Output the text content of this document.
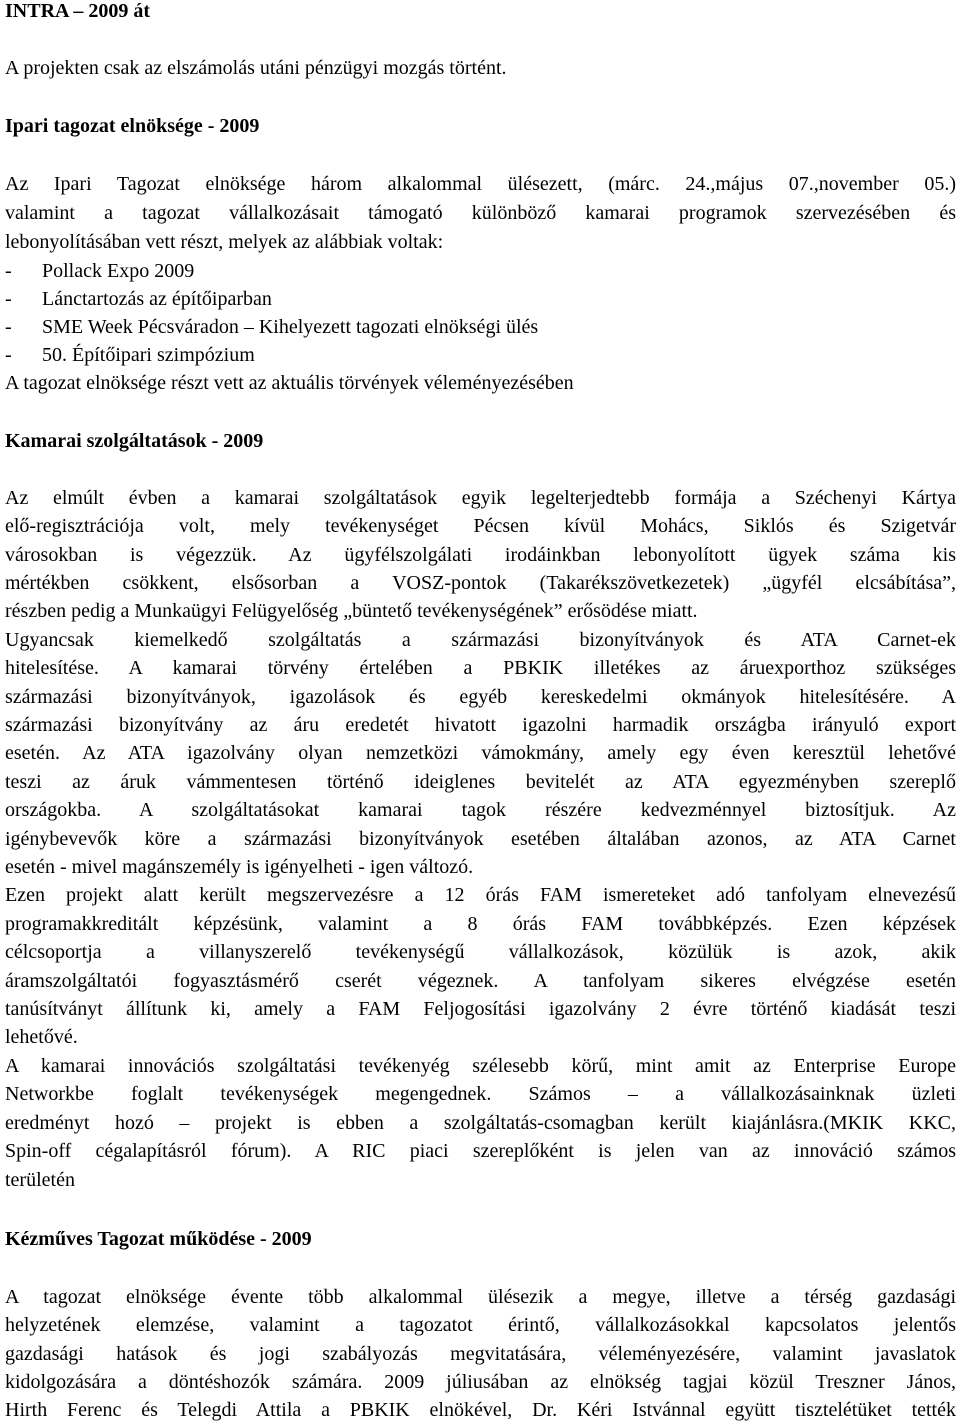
INTRA – 2009 át
A projekten csak az elszámolás utáni pénzügyi mozgás történt.
Ipari tagozat elnöksége - 2009
Az Ipari Tagozat elnöksége három alkalommal ülésezett, (márc. 24.,május 07.,november 05.)
valamint a tagozat vállalkozásait támogató különböző kamarai programok szervezésében és
lebonyolításában vett részt, melyek az alábbiak voltak:
- Pollack Expo 2009
- Lánctartozás az építőiparban
- SME Week Pécsváradon – Kihelyezett tagozati elnökségi ülés
- 50. Építőipari szimpózium
A tagozat elnöksége részt vett az aktuális törvények véleményezésében
Kamarai szolgáltatások - 2009
Az elmúlt évben a kamarai szolgáltatások egyik legelterjedtebb formája a Széchenyi Kártya
elő-regisztrációja volt, mely tevékenységet Pécsen kívül Mohács, Siklós és Szigetvár
városokban is végezzük. Az ügyfélszolgálati irodáinkban lebonyolított ügyek száma kis
mértékben csökkent, elsősorban a VOSZ-pontok (Takarékszövetkezetek) „ügyfél elcsábítása”,
részben pedig a Munkaügyi Felügyelőség „büntető tevékenységének” erősödése miatt.
Ugyancsak kiemelkedő szolgáltatás a származási bizonyítványok és ATA Carnet-ek
hitelesítése. A kamarai törvény értelében a PBKIK illetékes az áruexporthoz szükséges
származási bizonyítványok, igazolások és egyéb kereskedelmi okmányok hitelesítésére. A
származási bizonyítvány az áru eredetét hivatott igazolni harmadik országba irányuló export
esetén. Az ATA igazolvány olyan nemzetközi vámokmány, amely egy éven keresztül lehetővé
teszi az áruk vámmentesen történő ideiglenes bevitelét az ATA egyezményben szereplő
országokba. A szolgáltatásokat kamarai tagok részére kedvezménnyel biztosítjuk. Az
igénybevevők köre a származási bizonyítványok esetében általában azonos, az ATA Carnet
esetén - mivel magánszemély is igényelheti - igen változó.
Ezen projekt alatt került megszervezésre a 12 órás FAM ismereteket adó tanfolyam elnevezésű
programakkreditált képzésünk, valamint a 8 órás FAM továbbképzés. Ezen képzések
célcsoportja a villanyszerelő tevékenységű vállalkozások, közülük is azok, akik
áramszolgáltatói fogyasztásmérő cserét végeznek. A tanfolyam sikeres elvégzése esetén
tanúsítványt állítunk ki, amely a FAM Feljogosítási igazolvány 2 évre történő kiadását teszi
lehetővé.
A kamarai innovációs szolgáltatási tevékenyég szélesebb körű, mint amit az Enterprise Europe
Networkbe foglalt tevékenységek megengednek. Számos – a vállalkozásainknak üzleti
eredményt hozó – projekt is ebben a szolgáltatás-csomagban került kiajánlásra.(MKIK KKC,
Spin-off cégalapításról fórum). A RIC piaci szereplőként is jelen van az innováció számos
területén
Kézműves Tagozat működése - 2009
A tagozat elnöksége évente több alkalommal ülésezik a megye, illetve a térség gazdasági
helyzetének elemzése, valamint a tagozatot érintő, vállalkozásokkal kapcsolatos jelentős
gazdasági hatások és jogi szabályozás megvitatására, véleményezésére, valamint javaslatok
kidolgozására a döntéshozók számára. 2009 júliusában az elnökség tagjai közül Treszner János,
Hirth Ferenc és Telegdi Attila a PBKIK elnökével, Dr. Kéri Istvánnal együtt tisztelétüket tették
